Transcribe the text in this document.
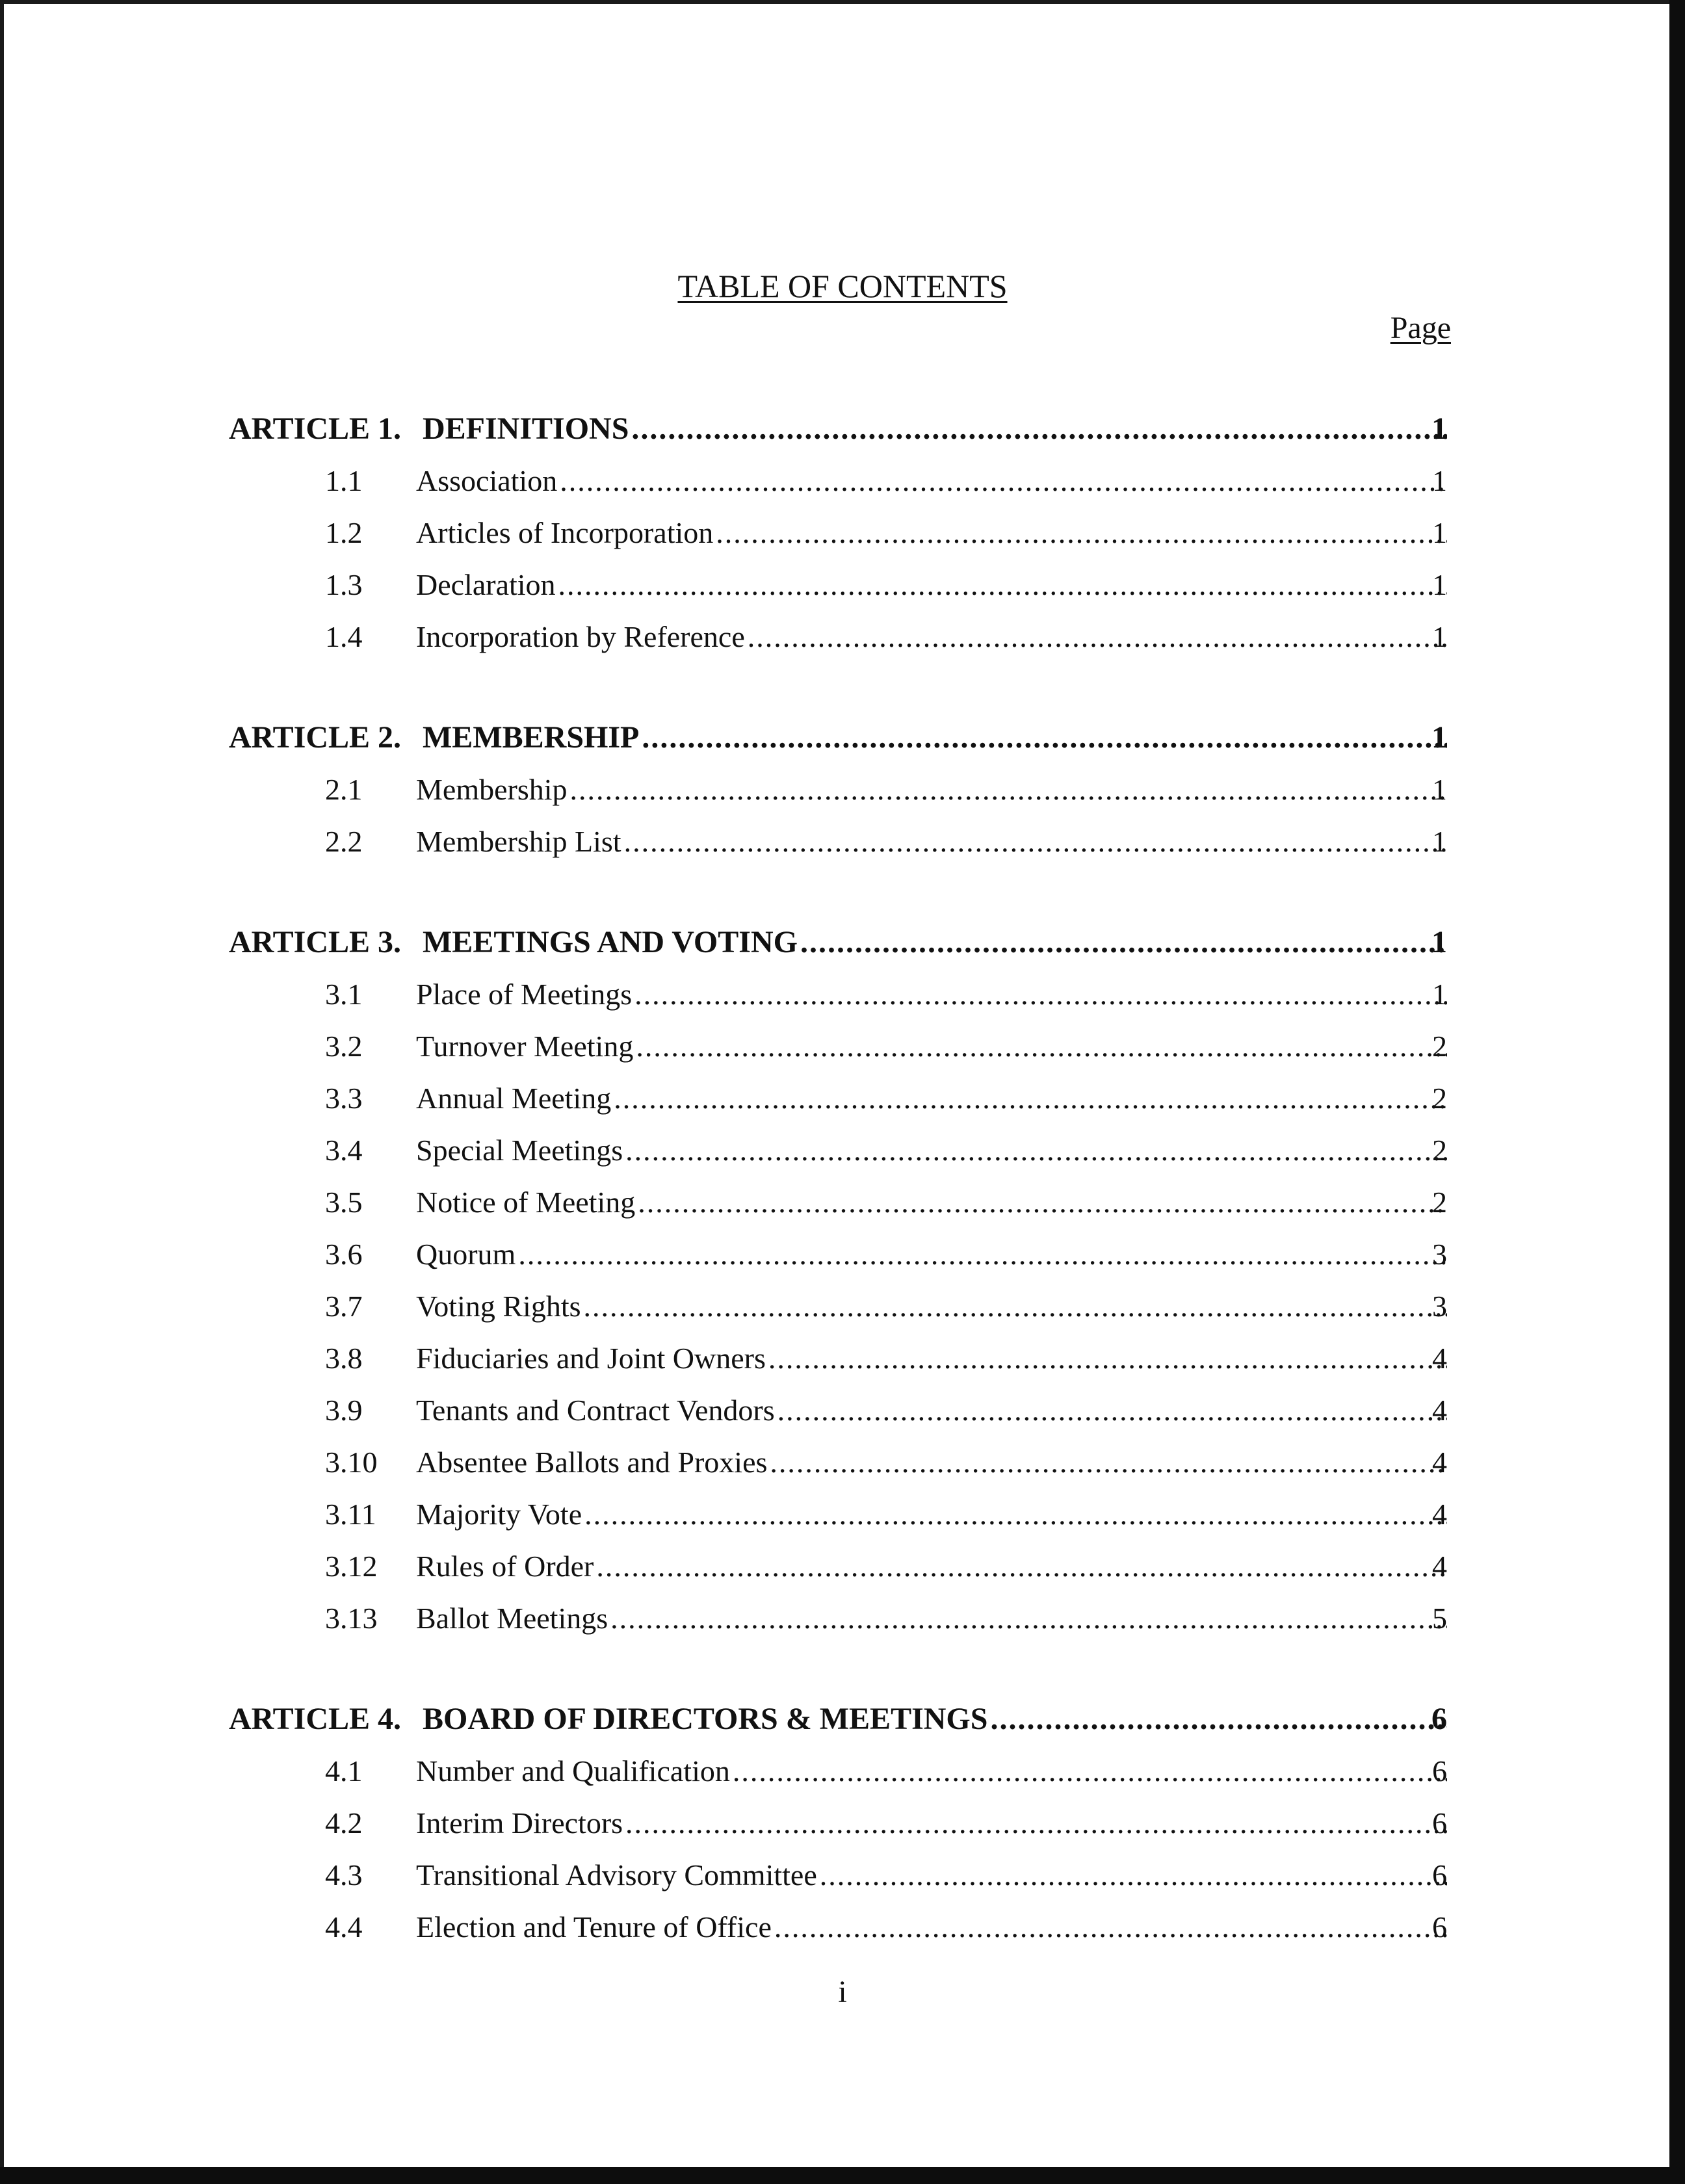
TABLE OF CONTENTS
Page
ARTICLE 1. DEFINITIONS .....	1
1.1	Association .....	1
1.2	Articles of Incorporation .....	1
1.3	Declaration .....	1
1.4	Incorporation by Reference .....	1
ARTICLE 2. MEMBERSHIP .....	1
2.1	Membership .....	1
2.2	Membership List .....	1
ARTICLE 3. MEETINGS AND VOTING .....	1
3.1	Place of Meetings .....	1
3.2	Turnover Meeting .....	2
3.3	Annual Meeting .....	2
3.4	Special Meetings .....	2
3.5	Notice of Meeting .....	2
3.6	Quorum .....	3
3.7	Voting Rights .....	3
3.8	Fiduciaries and Joint Owners .....	4
3.9	Tenants and Contract Vendors .....	4
3.10	Absentee Ballots and Proxies .....	4
3.11	Majority Vote .....	4
3.12	Rules of Order .....	4
3.13	Ballot Meetings .....	5
ARTICLE 4. BOARD OF DIRECTORS & MEETINGS .....	6
4.1	Number and Qualification .....	6
4.2	Interim Directors .....	6
4.3	Transitional Advisory Committee .....	6
4.4	Election and Tenure of Office .....	6
i
